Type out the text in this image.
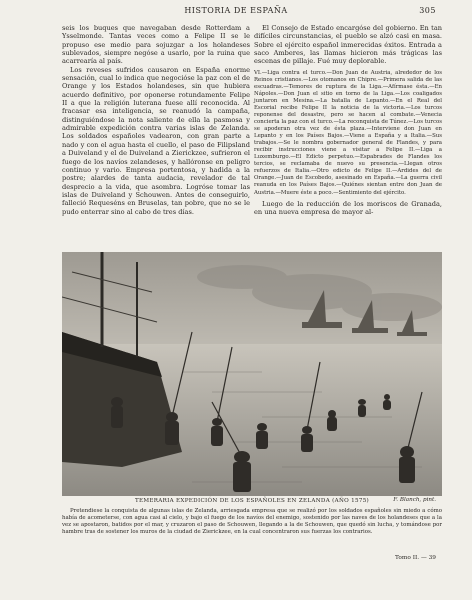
HISTORIA DE ESPAÑA	305

seis los buques que navegaban desde Rotterdam a Ysselmonde. Tantas veces como a Felipe II se le propuso ese medio para sojuzgar a los holandeses sublevados, siempre negóse a usarlo, por la ruina que acarrearía al país.

Los reveses sufridos causaron en España enorme sensación, cual lo indica que negocióse la paz con el de Orange y los Estados holandeses, sin que hubiera acuerdo definitivo, por oponerse rotundamente Felipe II a que la religión luterana fuese allí reconocida. Al fracasar esa inteligencia, se reanudó la campaña, distinguiéndose la nota saliente de ella la pasmosa y admirable expedición contra varias islas de Zelanda. Los soldados españoles vadearon, con gran parte a nado y con el agua hasta el cuello, el paso de Filipsland a Duiveland y el de Duiveland a Zierickzee, sufrieron el fuego de los navíos zelandeses, y hallóronse en peligro continuo y vario. Empresa portentosa, y hadida a la postre; alardes de tanta audacia, revelador de tal desprecio a la vida, que asombra. Logróse tomar las islas de Duiveland y Schouwen. Antes de conseguirlo, falleció Requeséns en Bruselas, tan pobre, que no se le pudo enterrar sino al cabo de tres días.

El Consejo de Estado encargóse del gobierno. En tan difíciles circunstancias, el pueblo se alzó casi en masa. Sobre el ejército español inmerecidas éxitos. Entrada a saco Amberes, las llamas hicieron más trágicas las escenas de pillaje. Fué muy deplorable.

VI.—Liga contra el turco.—Don Juan de Austria, alrededor de los Reinos cristianos.—Los otomanos en Chipre.—Primera salida de las escuadras.—Temores de ruptura de la Liga.—Afírmase ésta.—En Nápoles.—Don Juan el sitio en torno de la Liga.—Los coaligados juntaron en Mesina.—La batalla de Lepanto.—En el Real del Escorial recibe Felipe II la noticia de la victoria.—Los turcos reponense del desastre, pero se hacen al combate.—Venecia concierta la paz con el turco.—La reconquista de Túnez.—Los turcos se apoderan otra vez de ésta plaza.—Interviene don Juan en Lepanto y en los Países Bajos.—Viene a España y a Italia.—Sus trabajos.—Se le nombra gobernador general de Flandes, y para recibir instrucciones viene a visitar a Felipe II.—Liga a Luxemburgo.—El Edicto perpetuo.—Espabrades de Flandes los tercios, se reclamaba de nuevo su presencia.—Llegan otros refuerzos de Italia.—Otro edicto de Felipe II.—Ardides del de Orange.—Juan de Escobedo, asesinado en España.—La guerra civil reanuda en los Países Bajos.—Quiénes sientan entre don Juan de Austria.—Muere éste a poco.—Sentimiento del ejército.

Luego de la reducción de los moriscos de Granada, en una nueva empresa de mayor al-

F. Blanch, pint.
TEMERARIA EXPEDICIÓN DE LOS ESPAÑOLES EN ZELANDA (AÑO 1575)

Pretendiese la conquista de algunas islas de Zelanda, arriesgada empresa que se realizó por los soldados españoles sin miedo a cómo había de acometerse, con agua casi al cielo, y bajo el fuego de los navíos del enemigo, sostenido por las naves de los holandeses que a la vez se apostaron, batidos por el mar, y cruzaron el paso de Schouwen, llegando a la de Schouwen, que quedó sin lucha, y tomándose por hambre tras de sostener los muros de la ciudad de Zierickzee, en la cual concentraron sus fuerzas los contrarios.

Tomo II. — 39
